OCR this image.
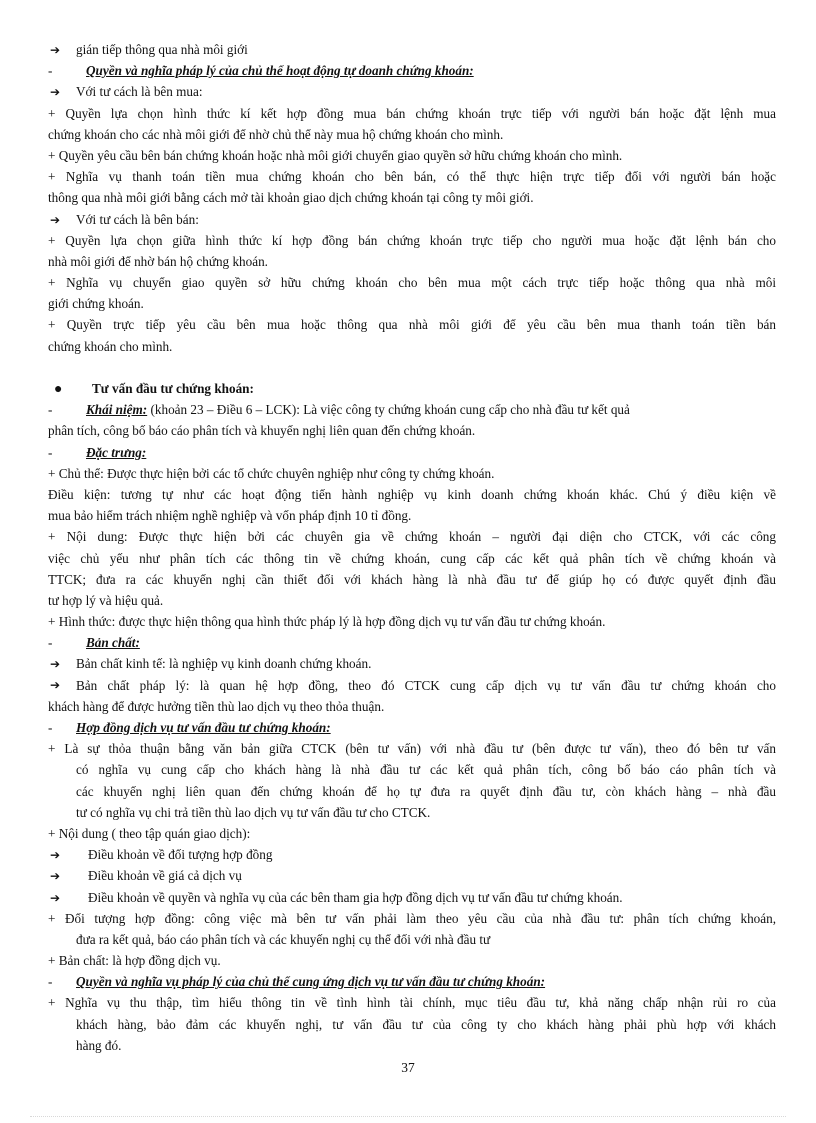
➔ gián tiếp thông qua nhà môi giới
-	Quyền và nghĩa pháp lý của chủ thể hoạt động tự doanh chứng khoán:
➔ Với tư cách là bên mua:
+ Quyền lựa chọn hình thức kí kết hợp đồng mua bán chứng khoán trực tiếp với người bán hoặc đặt lệnh mua
chứng khoán cho các nhà môi giới để nhờ chủ thể này mua hộ chứng khoán cho mình.
+ Quyền yêu cầu bên bán chứng khoán hoặc nhà môi giới chuyển giao quyền sở hữu chứng khoán cho mình.
+ Nghĩa vụ thanh toán tiền mua chứng khoán cho bên bán, có thể thực hiện trực tiếp đối với người bán hoặc
thông qua nhà môi giới bằng cách mở tài khoản giao dịch chứng khoán tại công ty môi giới.
➔ Với tư cách là bên bán:
+ Quyền lựa chọn giữa hình thức kí hợp đồng bán chứng khoán trực tiếp cho người mua hoặc đặt lệnh bán cho
nhà môi giới để nhờ bán hộ chứng khoán.
+ Nghĩa vụ chuyển giao quyền sở hữu chứng khoán cho bên mua một cách trực tiếp hoặc thông qua nhà môi
giới chứng khoán.
+ Quyền trực tiếp yêu cầu bên mua hoặc thông qua nhà môi giới để yêu cầu bên mua thanh toán tiền bán
chứng khoán cho mình.
● Tư vấn đầu tư chứng khoán:
-	Khái niệm: (khoản 23 – Điều 6 – LCK): Là việc công ty chứng khoán cung cấp cho nhà đầu tư kết quả
phân tích, công bố báo cáo phân tích và khuyến nghị liên quan đến chứng khoán.
-	Đặc trưng:
+ Chủ thể: Được thực hiện bởi các tổ chức chuyên nghiệp như công ty chứng khoán.
Điều kiện: tương tự như các hoạt động tiến hành nghiệp vụ kinh doanh chứng khoán khác. Chú ý điều kiện về
mua bảo hiểm trách nhiệm nghề nghiệp và vốn pháp định 10 tỉ đồng.
+ Nội dung: Được thực hiện bởi các chuyên gia về chứng khoán – người đại diện cho CTCK, với các công
việc chủ yếu như phân tích các thông tin về chứng khoán, cung cấp các kết quả phân tích về chứng khoán và
TTCK; đưa ra các khuyến nghị cần thiết đối với khách hàng là nhà đầu tư để giúp họ có được quyết định đầu
tư hợp lý và hiệu quả.
+ Hình thức: được thực hiện thông qua hình thức pháp lý là hợp đồng dịch vụ tư vấn đầu tư chứng khoán.
-	Bản chất:
➔ Bản chất kinh tế: là nghiệp vụ kinh doanh chứng khoán.
➔	Bản chất pháp lý: là quan hệ hợp đồng, theo đó CTCK cung cấp dịch vụ tư vấn đầu tư chứng khoán cho
khách hàng để được hưởng tiền thù lao dịch vụ theo thỏa thuận.
- Hợp đồng dịch vụ tư vấn đầu tư chứng khoán:
+ Là sự thỏa thuận bằng văn bản giữa CTCK (bên tư vấn) với nhà đầu tư (bên được tư vấn), theo đó bên tư vấn
có nghĩa vụ cung cấp cho khách hàng là nhà đầu tư các kết quả phân tích, công bố báo cáo phân tích và
các khuyến nghị liên quan đến chứng khoán để họ tự đưa ra quyết định đầu tư, còn khách hàng – nhà đầu
tư có nghĩa vụ chi trả tiền thù lao dịch vụ tư vấn đầu tư cho CTCK.
+ Nội dung ( theo tập quán giao dịch):
➔ Điều khoản về đối tượng hợp đồng
➔ Điều khoản về giá cả dịch vụ
➔ Điều khoản về quyền và nghĩa vụ của các bên tham gia hợp đồng dịch vụ tư vấn đầu tư chứng khoán.
+ Đối tượng hợp đồng: công việc mà bên tư vấn phải làm theo yêu cầu của nhà đầu tư: phân tích chứng khoán,
đưa ra kết quả, báo cáo phân tích và các khuyến nghị cụ thể đối với nhà đầu tư
+ Bản chất: là hợp đồng dịch vụ.
- Quyền và nghĩa vụ pháp lý của chủ thể cung ứng dịch vụ tư vấn đầu tư chứng khoán:
+ Nghĩa vụ thu thập, tìm hiểu thông tin về tình hình tài chính, mục tiêu đầu tư, khả năng chấp nhận rủi ro của
khách hàng, bảo đảm các khuyến nghị, tư vấn đầu tư của công ty cho khách hàng phải phù hợp với khách
hàng đó.
37
